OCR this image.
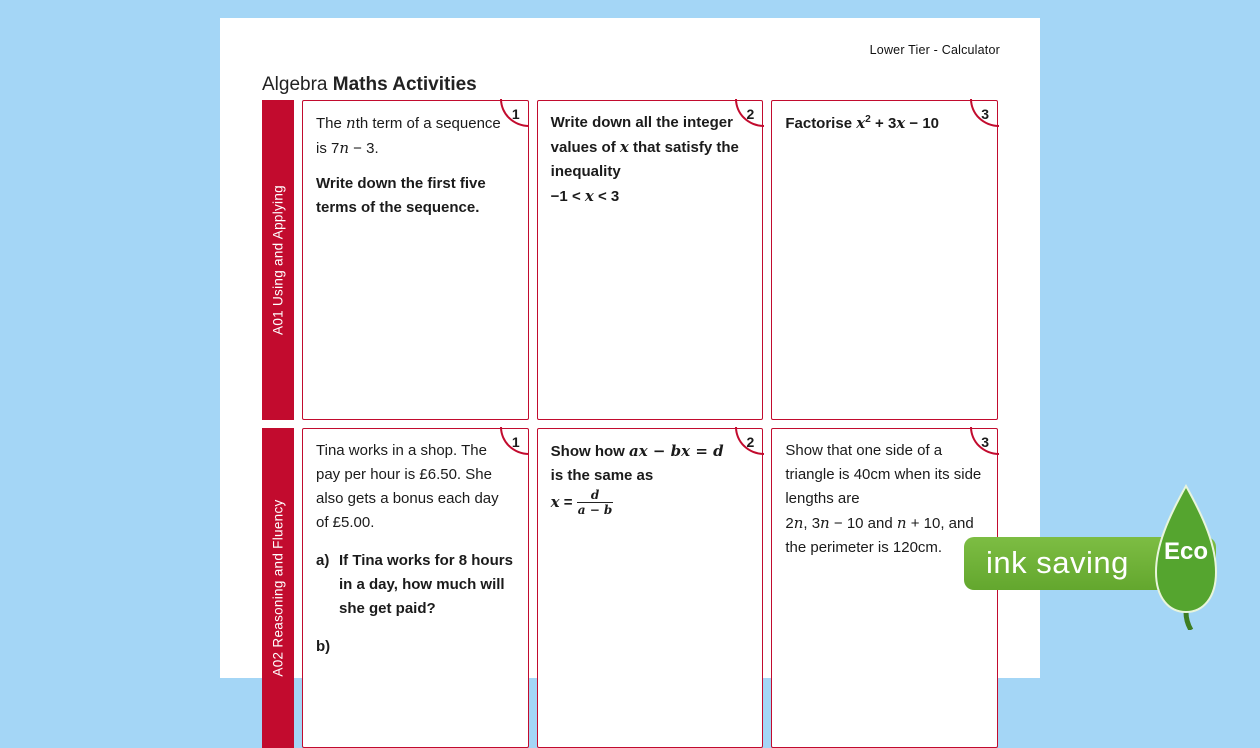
Lower Tier - Calculator
Algebra Maths Activities
A01 Using and Applying
1

The nth term of a sequence is 7n − 3.

Write down the first five terms of the sequence.

2

Write down all the integer values of x that satisfy the inequality

−1 < x < 3

3

Factorise $x^2 + 3x - 10$

A02 Reasoning and Fluency
1

Tina works in a shop. The pay per hour is £6.50. She also gets a bonus each day of £5.00.

a) If Tina works for 8 hours in a day, how much will she get paid?
b)
2

Show how ax − bx = d

is the same as

$x = \frac{d}{a - b}$

3

Show that one side of a triangle is 40cm when its side lengths are

2n, 3n − 10 and n + 10, and the perimeter is 120cm.	ink saving	Eco
